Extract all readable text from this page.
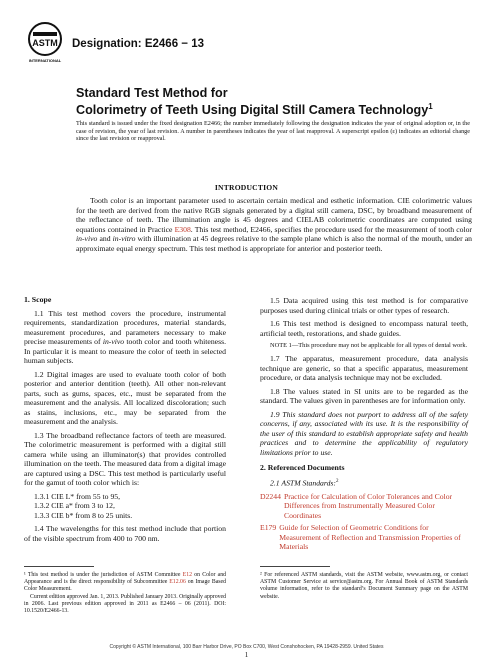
ASTM
INTERNATIONAL
Designation: E2466 − 13
Standard Test Method for
Colorimetry of Teeth Using Digital Still Camera Technology$^1$
This standard is issued under the fixed designation E2466; the number immediately following the designation indicates the year of original adoption or, in the case of revision, the year of last revision. A number in parentheses indicates the year of last reapproval. A superscript epsilon (ε) indicates an editorial change since the last revision or reapproval.
INTRODUCTION
Tooth color is an important parameter used to ascertain certain medical and esthetic information. CIE colorimetric values for the teeth are derived from the native RGB signals generated by a digital still camera, DSC, by broadband measurement of the reflectance of teeth. The illumination angle is 45 degrees and CIELAB colorimetric coordinates are computed using equations contained in Practice E308. This test method, E2466, specifies the procedure used for the measurement of tooth color in-vivo and in-vitro with illumination at 45 degrees relative to the sample plane which is also the normal of the mouth, under an approximate equal energy spectrum. This test method is appropriate for anterior and posterior teeth.

1. Scope

1.1 This test method covers the procedure, instrumental requirements, standardization procedures, material standards, measurement procedures, and parameters necessary to make precise measurements of in-vivo tooth color and tooth whiteness. In particular it is meant to measure the color of teeth in selected human subjects.

1.2 Digital images are used to evaluate tooth color of both posterior and anterior dentition (teeth). All other non-relevant parts, such as gums, spaces, etc., must be separated from the measurement and the analysis. All localized discoloration; such as stains, inclusions, etc., may be separated from the measurement and the analysis.

1.3 The broadband reflectance factors of teeth are measured. The colorimetric measurement is performed with a digital still camera while using an illuminator(s) that provides controlled illumination on the teeth. The measured data from a digital image are captured using a DSC. This test method is particularly useful for the gamut of tooth color which is:

1.3.1 CIE L* from 55 to 95,
1.3.2 CIE a* from 3 to 12,
1.3.3 CIE b* from 8 to 25 units.

1.4 The wavelengths for this test method include that portion of the visible spectrum from 400 to 700 nm.

1.5 Data acquired using this test method is for comparative purposes used during clinical trials or other types of research.

1.6 This test method is designed to encompass natural teeth, artificial teeth, restorations, and shade guides.

NOTE 1—This procedure may not be applicable for all types of dental work.

1.7 The apparatus, measurement procedure, data analysis technique are generic, so that a specific apparatus, measurement procedure, or data analysis technique may not be excluded.

1.8 The values stated in SI units are to be regarded as the standard. The values given in parentheses are for information only.

1.9 This standard does not purport to address all of the safety concerns, if any, associated with its use. It is the responsibility of the user of this standard to establish appropriate safety and health practices and to determine the applicability of regulatory limitations prior to use.

2. Referenced Documents

2.1 ASTM Standards:$^2$

D2244 Practice for Calculation of Color Tolerances and Color Differences from Instrumentally Measured Color Coordinates
E179 Guide for Selection of Geometric Conditions for Measurement of Reflection and Transmission Properties of Materials
¹ This test method is under the jurisdiction of ASTM Committee E12 on Color and Appearance and is the direct responsibility of Subcommittee E12.06 on Image Based Color Measurement.
Current edition approved Jan. 1, 2013. Published January 2013. Originally approved in 2006. Last previous edition approved in 2011 as E2466 – 06 (2011). DOI: 10.1520/E2466-13.
² For referenced ASTM standards, visit the ASTM website, www.astm.org, or contact ASTM Customer Service at service@astm.org. For Annual Book of ASTM Standards volume information, refer to the standard’s Document Summary page on the ASTM website.
Copyright © ASTM International, 100 Barr Harbor Drive, PO Box C700, West Conshohocken, PA 19428-2959. United States
1
